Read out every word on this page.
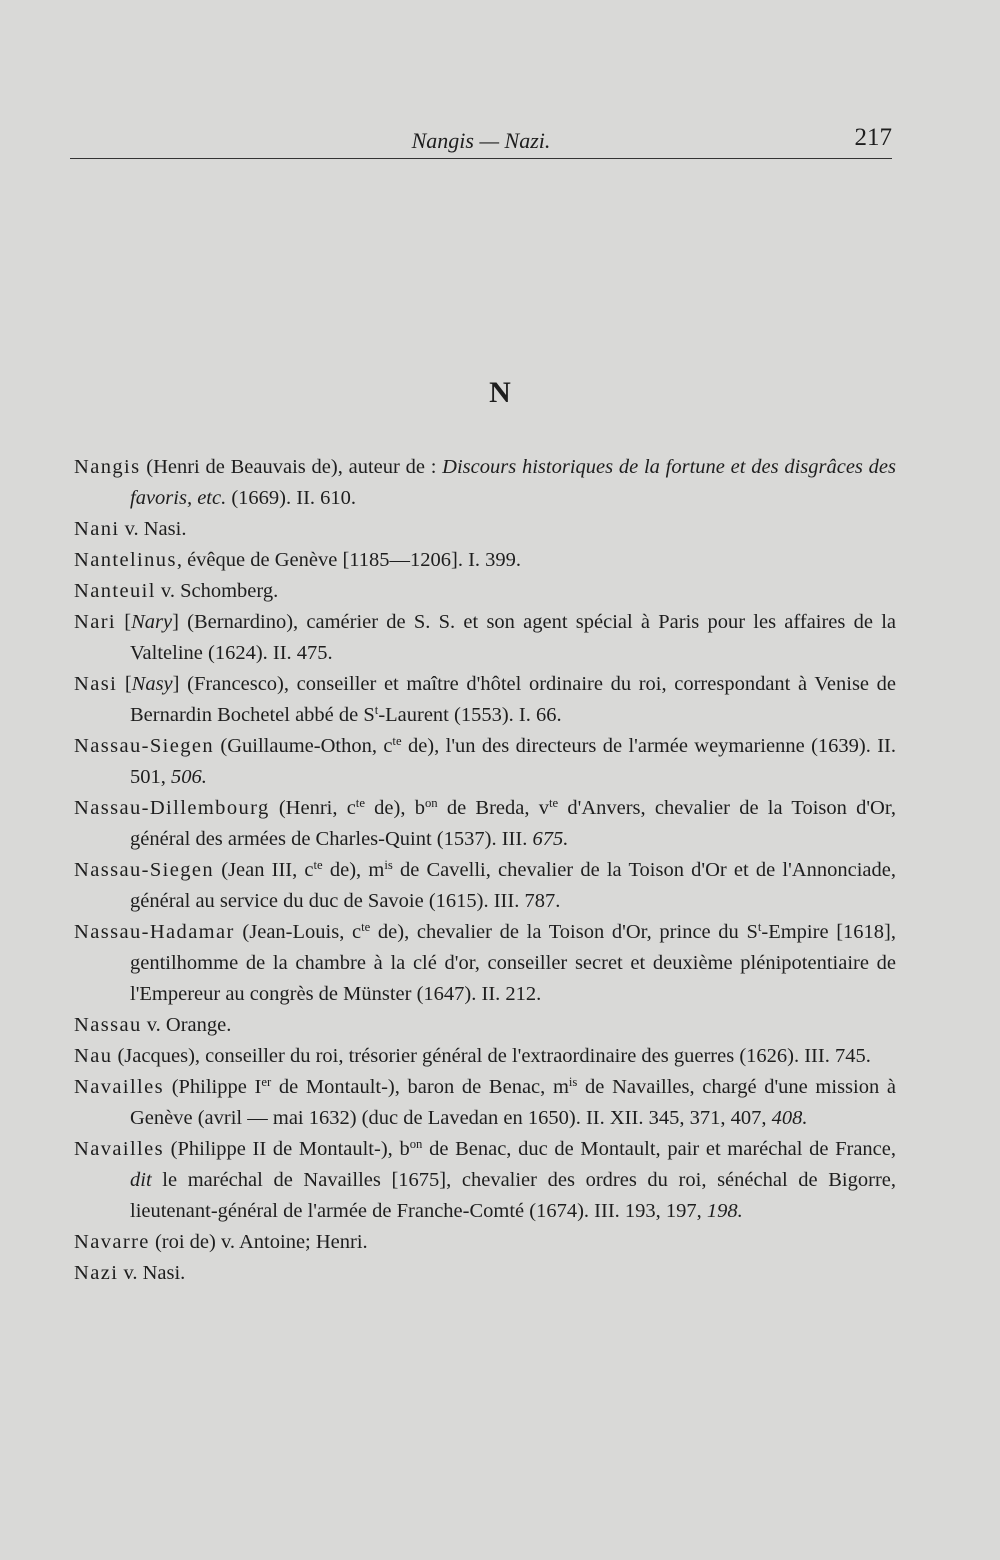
Nangis — Nazi.	217
N

Nangis (Henri de Beauvais de), auteur de : Discours historiques de la fortune et des disgrâces des favoris, etc. (1669). II. 610.

Nani v. Nasi.

Nantelinus, évêque de Genève [1185—1206]. I. 399.

Nanteuil v. Schomberg.

Nari [Nary] (Bernardino), camérier de S. S. et son agent spécial à Paris pour les affaires de la Valteline (1624). II. 475.

Nasi [Nasy] (Francesco), conseiller et maître d'hôtel ordinaire du roi, correspondant à Venise de Bernardin Bochetel abbé de $S^t$-Laurent (1553). I. 66.

Nassau-Siegen (Guillaume-Othon, $c^{te}$ de), l'un des directeurs de l'armée weymarienne (1639). II. 501, 506.

Nassau-Dillembourg (Henri, $c^{te}$ de), $b^{on}$ de Breda, $v^{te}$ d'Anvers, chevalier de la Toison d'Or, général des armées de Charles-Quint (1537). III. 675.

Nassau-Siegen (Jean III, $c^{te}$ de), $m^{is}$ de Cavelli, chevalier de la Toison d'Or et de l'Annonciade, général au service du duc de Savoie (1615). III. 787.

Nassau-Hadamar (Jean-Louis, $c^{te}$ de), chevalier de la Toison d'Or, prince du $S^t$-Empire [1618], gentilhomme de la chambre à la clé d'or, conseiller secret et deuxième plénipotentiaire de l'Empereur au congrès de Münster (1647). II. 212.

Nassau v. Orange.

Nau (Jacques), conseiller du roi, trésorier général de l'extraordinaire des guerres (1626). III. 745.

Navailles (Philippe Ier de Montault-), baron de Benac, $m^{is}$ de Navailles, chargé d'une mission à Genève (avril — mai 1632) (duc de Lavedan en 1650). II. XII. 345, 371, 407, 408.

Navailles (Philippe II de Montault-), $b^{on}$ de Benac, duc de Montault, pair et maréchal de France, dit le maréchal de Navailles [1675], chevalier des ordres du roi, sénéchal de Bigorre, lieutenant-général de l'armée de Franche-Comté (1674). III. 193, 197, 198.

Navarre (roi de) v. Antoine; Henri.

Nazi v. Nasi.
